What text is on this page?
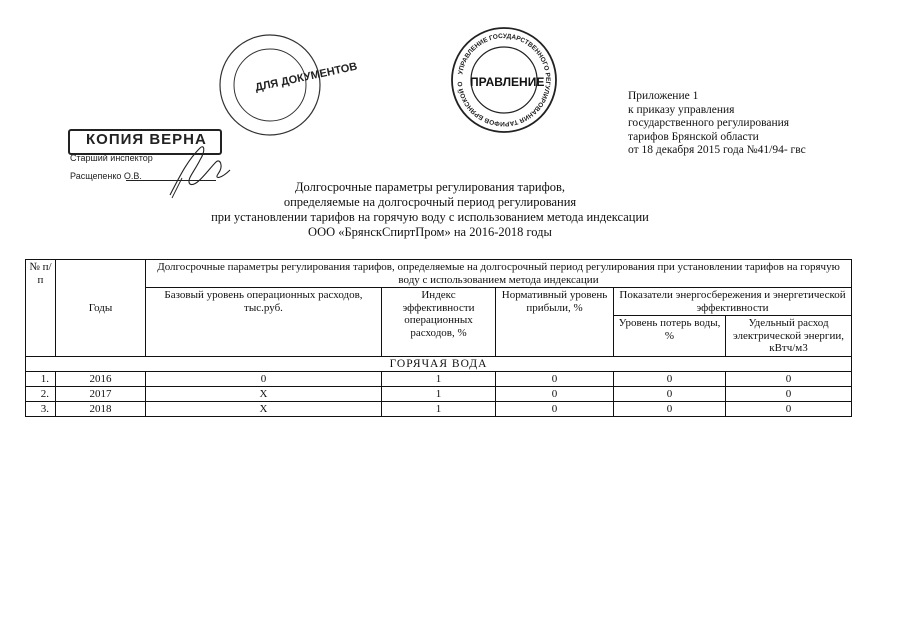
ДЛЯ ДОКУМЕНТОВ	УПРАВЛЕНИЕ ГОСУДАРСТВЕННОГО РЕГУЛИРОВАНИЯ ТАРИФОВ БРЯНСКОЙ ОБЛАСТИ
ПРАВЛЕНИЕ
КОПИЯ ВЕРНА
Старший инспектор
Расщепенко О.В.
Приложение 1
к приказу управления
государственного регулирования
тарифов Брянской области
от 18 декабря 2015 года №41/94- гвс
Долгосрочные параметры регулирования тарифов,
определяемые на долгосрочный период регулирования
при установлении тарифов на горячую воду с использованием метода индексации
ООО «БрянскСпиртПром» на 2016-2018 годы
№ п/п	Годы	Долгосрочные параметры регулирования тарифов, определяемые на долгосрочный период регулирования при установлении тарифов на горячую воду с использованием метода индексации				
		Базовый уровень операционных расходов, тыс.руб.	Индекс эффективности операционных расходов, %	Нормативный уровень прибыли, %	Показатели энергосбережения и энергетической эффективности	
					Уровень потерь воды, %	Удельный расход электрической энергии, кВтч/м3
ГОРЯЧАЯ ВОДА						
1.	2016	0	1	0	0	0
2.	2017	Х	1	0	0	0
3.	2018	Х	1	0	0	0
